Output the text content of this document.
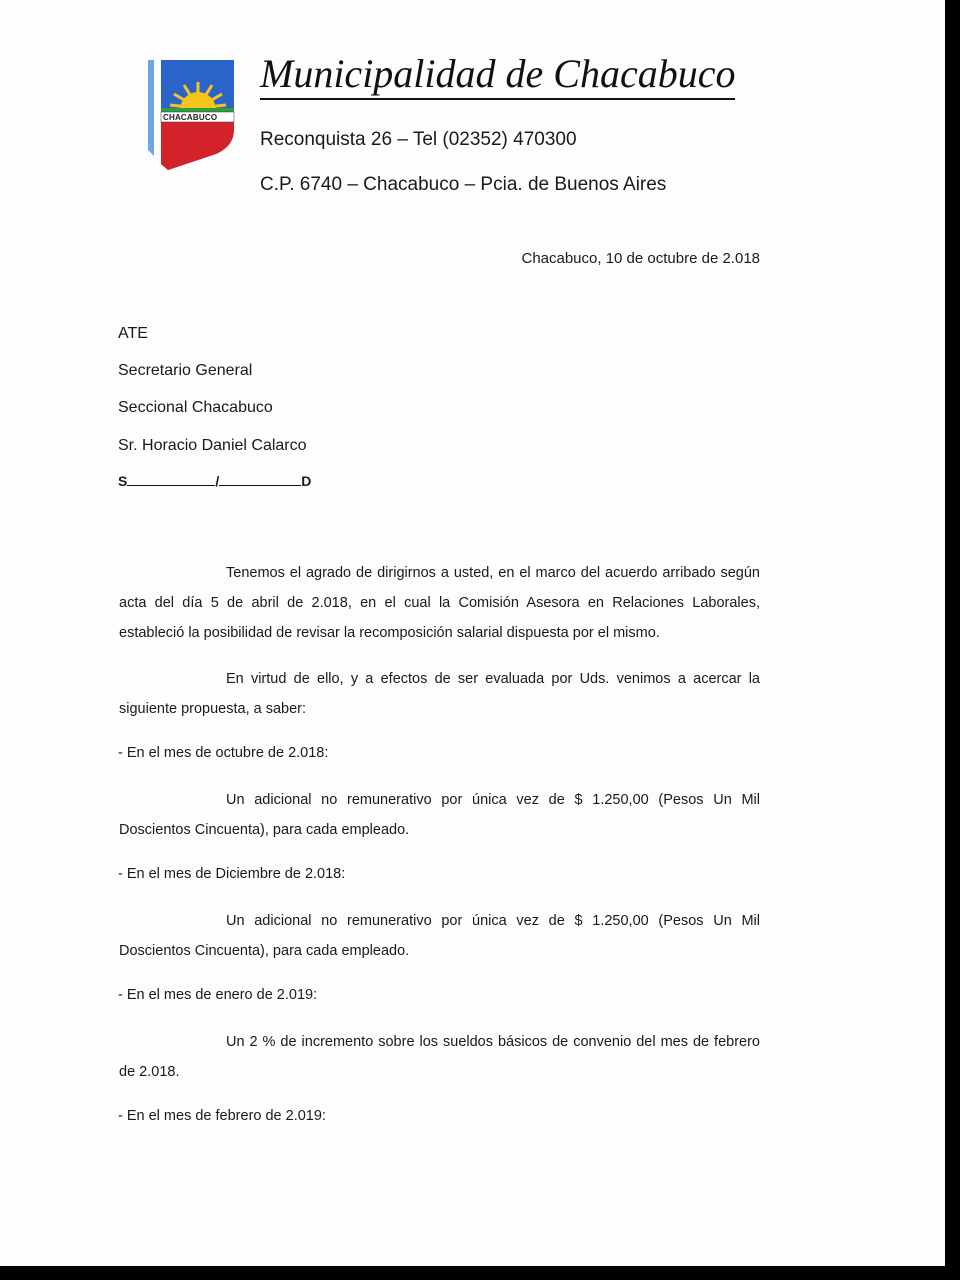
CHACABUCO
Municipalidad de Chacabuco
Reconquista 26 – Tel (02352) 470300
C.P. 6740 – Chacabuco – Pcia. de Buenos Aires
Chacabuco, 10 de octubre de 2.018
ATE
Secretario General
Seccional Chacabuco
Sr. Horacio Daniel Calarco
S	/	D

Tenemos el agrado de dirigirnos a usted, en el marco del acuerdo arribado según acta del día 5 de abril de 2.018, en el cual la Comisión Asesora en Relaciones Laborales, estableció la posibilidad de revisar la recomposición salarial dispuesta por el mismo.

En virtud de ello, y a efectos de ser evaluada por Uds. venimos a acercar la siguiente propuesta, a saber:

- En el mes de octubre de 2.018:

Un adicional no remunerativo por única vez de $ 1.250,00 (Pesos Un Mil Doscientos Cincuenta), para cada empleado.

- En el mes de Diciembre de 2.018:

Un adicional no remunerativo por única vez de $ 1.250,00 (Pesos Un Mil Doscientos Cincuenta), para cada empleado.

- En el mes de enero de 2.019:

Un 2 % de incremento sobre los sueldos básicos de convenio del mes de febrero de 2.018.

- En el mes de febrero de 2.019:
